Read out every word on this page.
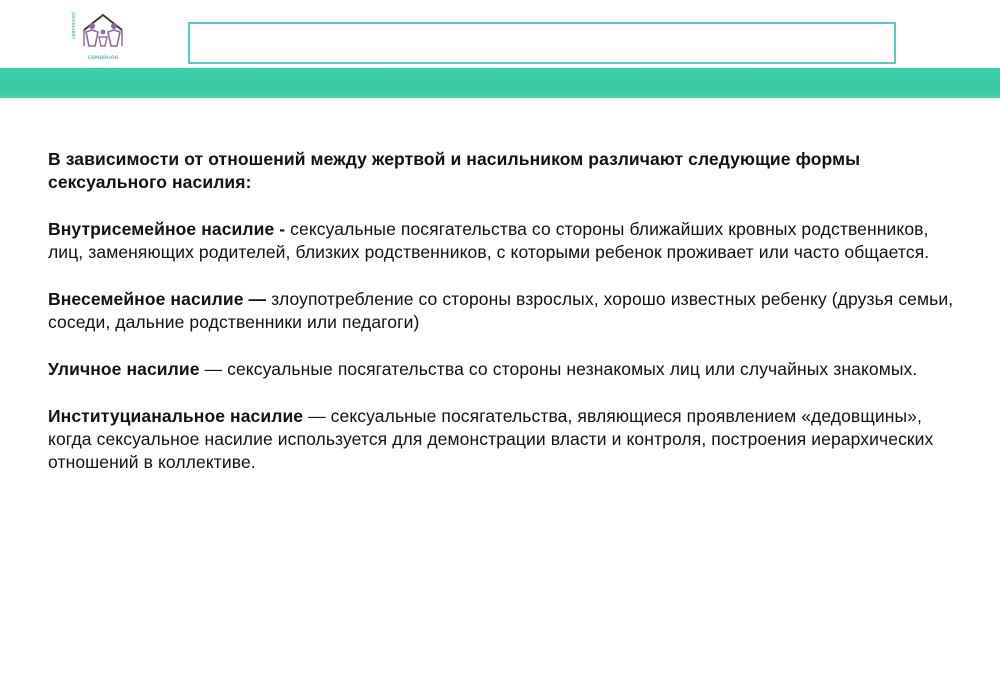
разноцвет
семейное

В зависимости от отношений между жертвой и насильником различают следующие формы сексуального насилия:

Внутрисемейное насилие - сексуальные посягательства со стороны ближайших кровных родственников, лиц, заменяющих родителей, близких родственников, с которыми ребенок проживает или часто общается.

Внесемейное насилие — злоупотребление со стороны взрослых, хорошо известных ребенку (друзья семьи, соседи, дальние родственники или педагоги)

Уличное насилие — сексуальные посягательства со стороны незнакомых лиц или случайных знакомых.

Институцианальное насилие — сексуальные посягательства, являющиеся проявлением «дедовщины», когда сексуальное насилие используется для демонстрации власти и контроля, построения иерархических отношений в коллективе.
